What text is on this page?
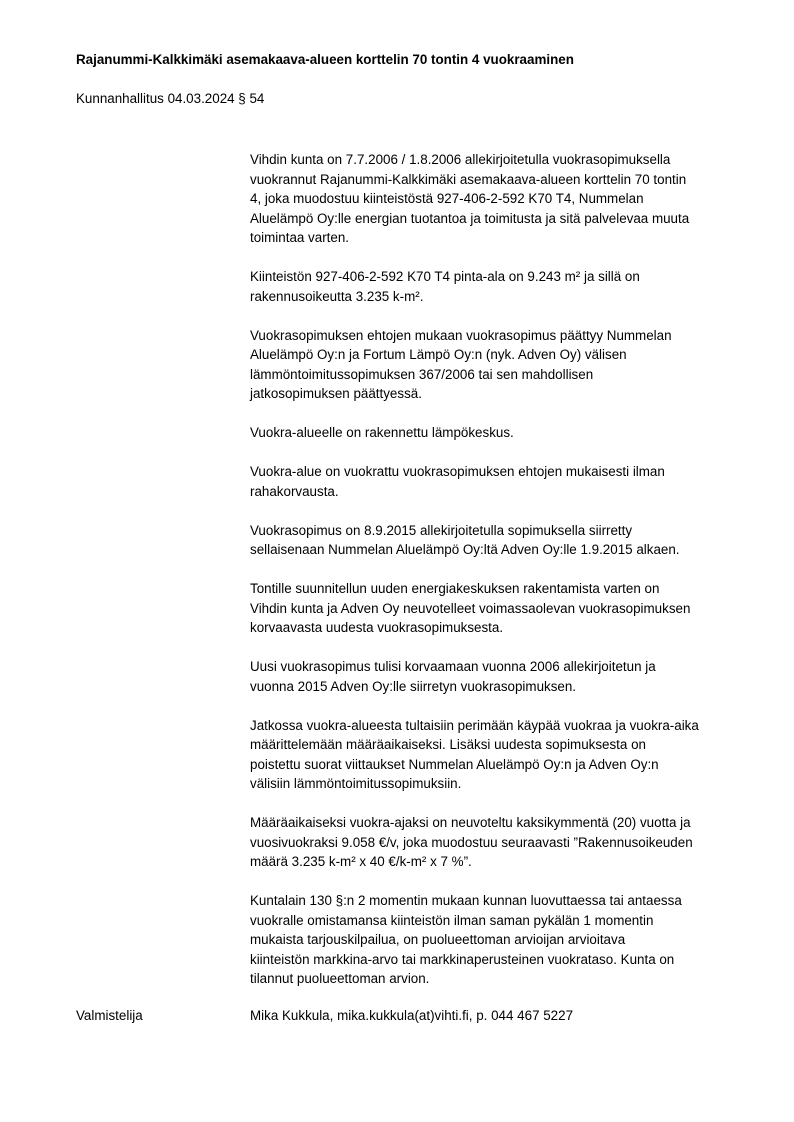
Rajanummi-Kalkkimäki asemakaava-alueen korttelin 70 tontin 4 vuokraaminen
Kunnanhallitus 04.03.2024 § 54

Vihdin kunta on 7.7.2006 / 1.8.2006 allekirjoitetulla vuokrasopimuksella
vuokrannut Rajanummi-Kalkkimäki asemakaava-alueen korttelin 70 tontin
4, joka muodostuu kiinteistöstä 927-406-2-592 K70 T4, Nummelan
Aluelämpö Oy:lle energian tuotantoa ja toimitusta ja sitä palvelevaa muuta
toimintaa varten.

Kiinteistön 927-406-2-592 K70 T4 pinta-ala on 9.243 m² ja sillä on
rakennusoikeutta 3.235 k-m².

Vuokrasopimuksen ehtojen mukaan vuokrasopimus päättyy Nummelan
Aluelämpö Oy:n ja Fortum Lämpö Oy:n (nyk. Adven Oy) välisen
lämmöntoimitussopimuksen 367/2006 tai sen mahdollisen
jatkosopimuksen päättyessä.

Vuokra-alueelle on rakennettu lämpökeskus.

Vuokra-alue on vuokrattu vuokrasopimuksen ehtojen mukaisesti ilman
rahakorvausta.

Vuokrasopimus on 8.9.2015 allekirjoitetulla sopimuksella siirretty
sellaisenaan Nummelan Aluelämpö Oy:ltä Adven Oy:lle 1.9.2015 alkaen.

Tontille suunnitellun uuden energiakeskuksen rakentamista varten on
Vihdin kunta ja Adven Oy neuvotelleet voimassaolevan vuokrasopimuksen
korvaavasta uudesta vuokrasopimuksesta.

Uusi vuokrasopimus tulisi korvaamaan vuonna 2006 allekirjoitetun ja
vuonna 2015 Adven Oy:lle siirretyn vuokrasopimuksen.

Jatkossa vuokra-alueesta tultaisiin perimään käypää vuokraa ja vuokra-aika
määrittelemään määräaikaiseksi. Lisäksi uudesta sopimuksesta on
poistettu suorat viittaukset Nummelan Aluelämpö Oy:n ja Adven Oy:n
välisiin lämmöntoimitussopimuksiin.

Määräaikaiseksi vuokra-ajaksi on neuvoteltu kaksikymmentä (20) vuotta ja
vuosivuokraksi 9.058 €/v, joka muodostuu seuraavasti ”Rakennusoikeuden
määrä 3.235 k-m² x 40 €/k-m² x 7 %”.

Kuntalain 130 §:n 2 momentin mukaan kunnan luovuttaessa tai antaessa
vuokralle omistamansa kiinteistön ilman saman pykälän 1 momentin
mukaista tarjouskilpailua, on puolueettoman arvioijan arvioitava
kiinteistön markkina-arvo tai markkinaperusteinen vuokrataso. Kunta on
tilannut puolueettoman arvion.

Valmistelija	Mika Kukkula, mika.kukkula(at)vihti.fi, p. 044 467 5227
